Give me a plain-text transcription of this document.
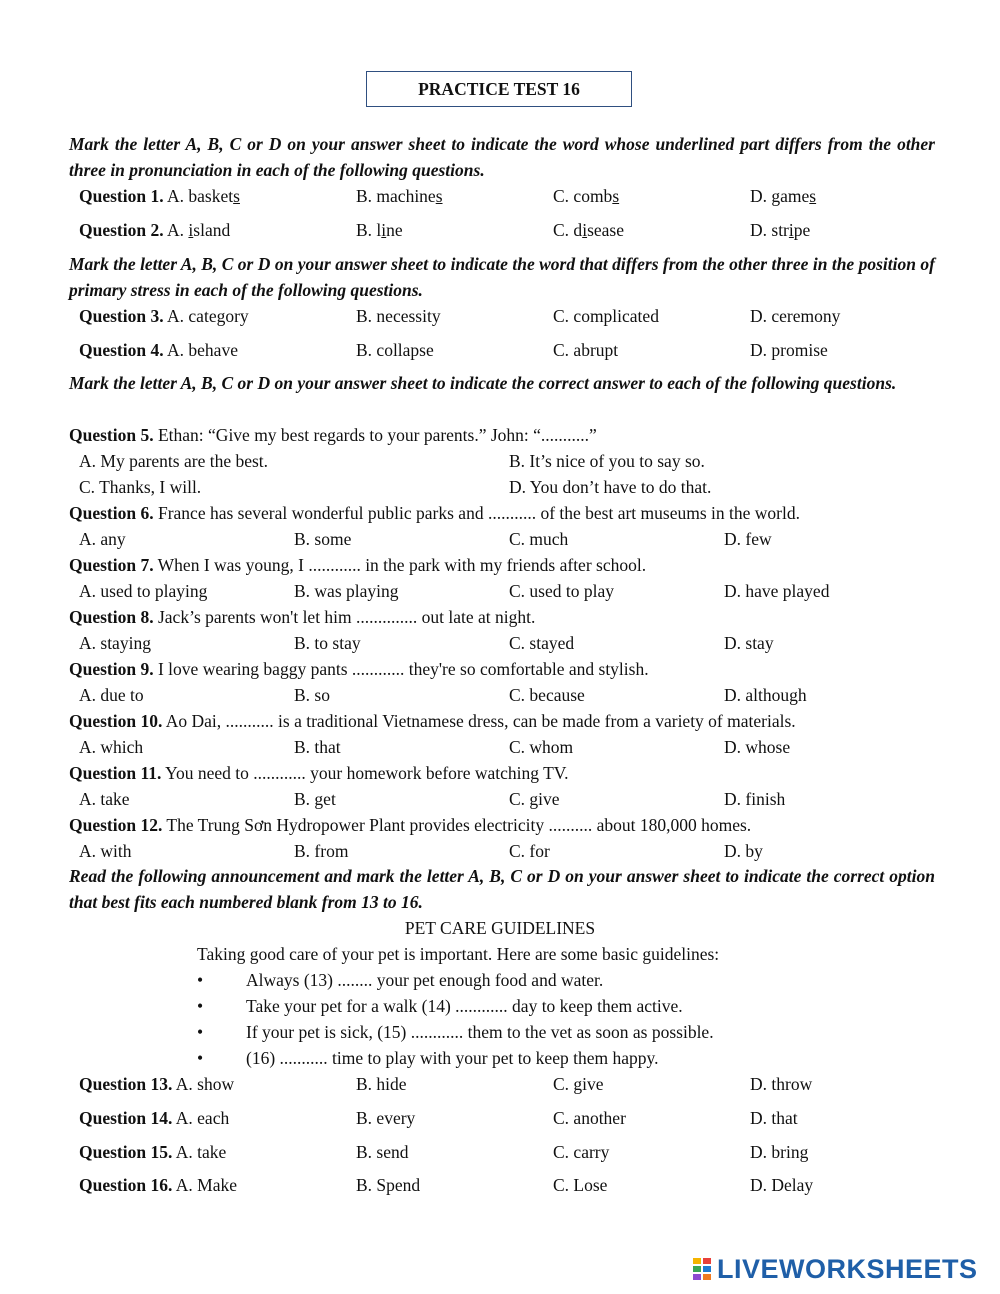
PRACTICE TEST 16
Mark the letter A, B, C or D on your answer sheet to indicate the word whose underlined part differs from the other three in pronunciation in each of the following questions.
Question 1. A. baskets	B. machines	C. combs	D. games
Question 2. A. island	B. line	C. disease	D. stripe
Mark the letter A, B, C or D on your answer sheet to indicate the word that differs from the other three in the position of primary stress in each of the following questions.
Question 3. A. category	B. necessity	C. complicated	D. ceremony
Question 4. A. behave	B. collapse	C. abrupt	D. promise
Mark the letter A, B, C or D on your answer sheet to indicate the correct answer to each of the following questions.
Question 5. Ethan: “Give my best regards to your parents.” John: “...........”
A. My parents are the best.	B. It’s nice of you to say so.
C. Thanks, I will.	D. You don’t have to do that.
Question 6. France has several wonderful public parks and ........... of the best art museums in the world.
A. any	B. some	C. much	D. few
Question 7. When I was young, I ............ in the park with my friends after school.
A. used to playing	B. was playing	C. used to play	D. have played
Question 8. Jack’s parents won't let him .............. out late at night.
A. staying	B. to stay	C. stayed	D. stay
Question 9. I love wearing baggy pants ............ they're so comfortable and stylish.
A. due to	B. so	C. because	D. although
Question 10. Ao Dai, ........... is a traditional Vietnamese dress, can be made from a variety of materials.
A. which	B. that	C. whom	D. whose
Question 11. You need to ............ your homework before watching TV.
A. take	B. get	C. give	D. finish
Question 12. The Trung Sơn Hydropower Plant provides electricity .......... about 180,000 homes.
A. with	B. from	C. for	D. by
Read the following announcement and mark the letter A, B, C or D on your answer sheet to indicate the correct option that best fits each numbered blank from 13 to 16.
PET CARE GUIDELINES
Taking good care of your pet is important. Here are some basic guidelines:
• Always (13) ........ your pet enough food and water.
• Take your pet for a walk (14) ............ day to keep them active.
• If your pet is sick, (15) ............ them to the vet as soon as possible.
• (16) ........... time to play with your pet to keep them happy.
Question 13. A. show	B. hide	C. give	D. throw
Question 14. A. each	B. every	C. another	D. that
Question 15. A. take	B. send	C. carry	D. bring
Question 16. A. Make	B. Spend	C. Lose	D. Delay
LIVEWORKSHEETS
